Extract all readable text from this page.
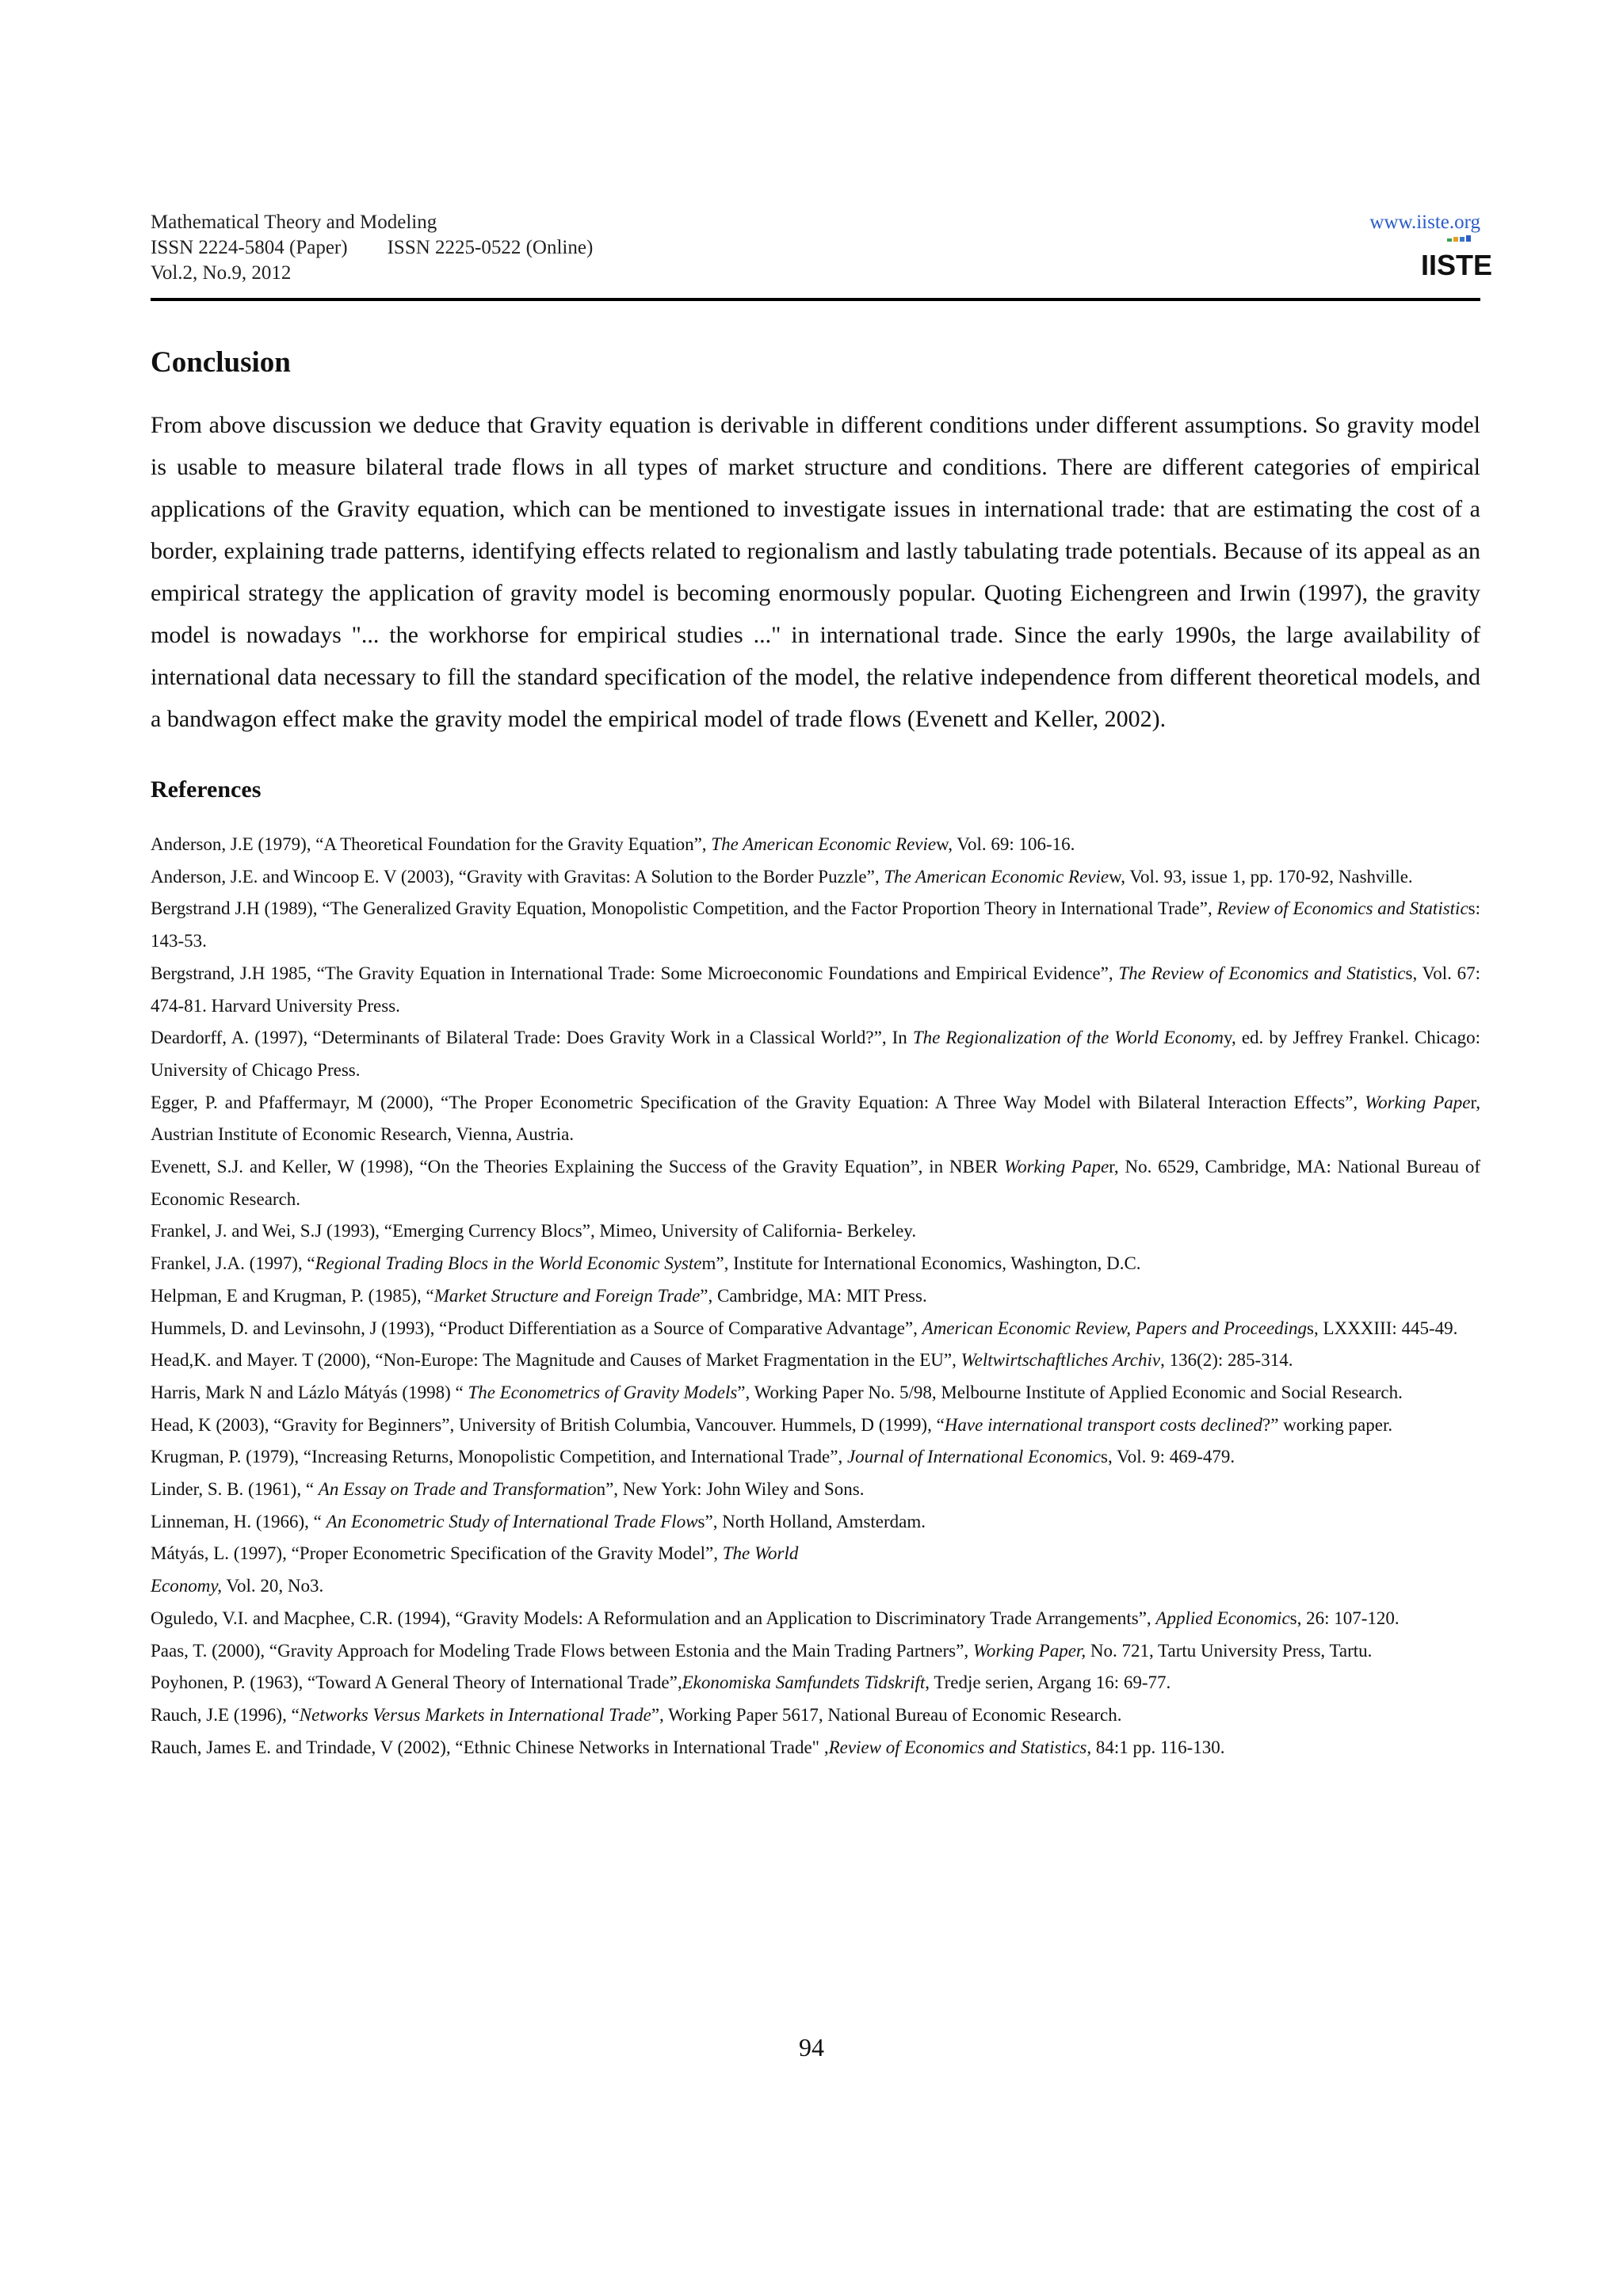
Mathematical Theory and Modeling
ISSN 2224-5804 (Paper) ISSN 2225-0522 (Online)
Vol.2, No.9, 2012
www.iiste.org
IISTE
Conclusion

From above discussion we deduce that Gravity equation is derivable in different conditions under different assumptions. So gravity model is usable to measure bilateral trade flows in all types of market structure and conditions. There are different categories of empirical applications of the Gravity equation, which can be mentioned to investigate issues in international trade: that are estimating the cost of a border, explaining trade patterns, identifying effects related to regionalism and lastly tabulating trade potentials. Because of its appeal as an empirical strategy the application of gravity model is becoming enormously popular. Quoting Eichengreen and Irwin (1997), the gravity model is nowadays "... the workhorse for empirical studies ..." in international trade. Since the early 1990s, the large availability of international data necessary to fill the standard specification of the model, the relative independence from different theoretical models, and a bandwagon effect make the gravity model the empirical model of trade flows (Evenett and Keller, 2002).

References
Anderson, J.E (1979), “A Theoretical Foundation for the Gravity Equation”, The American Economic Review, Vol. 69: 106-16.
Anderson, J.E. and Wincoop E. V (2003), “Gravity with Gravitas: A Solution to the Border Puzzle”, The American Economic Review, Vol. 93, issue 1, pp. 170-92, Nashville.
Bergstrand J.H (1989), “The Generalized Gravity Equation, Monopolistic Competition, and the Factor Proportion Theory in International Trade”, Review of Economics and Statistics: 143-53.
Bergstrand, J.H 1985, “The Gravity Equation in International Trade: Some Microeconomic Foundations and Empirical Evidence”, The Review of Economics and Statistics, Vol. 67: 474-81. Harvard University Press.
Deardorff, A. (1997), “Determinants of Bilateral Trade: Does Gravity Work in a Classical World?”, In The Regionalization of the World Economy, ed. by Jeffrey Frankel. Chicago: University of Chicago Press.
Egger, P. and Pfaffermayr, M (2000), “The Proper Econometric Specification of the Gravity Equation: A Three Way Model with Bilateral Interaction Effects”, Working Paper, Austrian Institute of Economic Research, Vienna, Austria.
Evenett, S.J. and Keller, W (1998), “On the Theories Explaining the Success of the Gravity Equation”, in NBER Working Paper, No. 6529, Cambridge, MA: National Bureau of Economic Research.
Frankel, J. and Wei, S.J (1993), “Emerging Currency Blocs”, Mimeo, University of California- Berkeley.
Frankel, J.A. (1997), “Regional Trading Blocs in the World Economic System”, Institute for International Economics, Washington, D.C.
Helpman, E and Krugman, P. (1985), “Market Structure and Foreign Trade”, Cambridge, MA: MIT Press.
Hummels, D. and Levinsohn, J (1993), “Product Differentiation as a Source of Comparative Advantage”, American Economic Review, Papers and Proceedings, LXXXIII: 445-49.
Head,K. and Mayer. T (2000), “Non-Europe: The Magnitude and Causes of Market Fragmentation in the EU”, Weltwirtschaftliches Archiv, 136(2): 285-314.
Harris, Mark N and Lázlo Mátyás (1998) “ The Econometrics of Gravity Models”, Working Paper No. 5/98, Melbourne Institute of Applied Economic and Social Research.
Head, K (2003), “Gravity for Beginners”, University of British Columbia, Vancouver. Hummels, D (1999), “Have international transport costs declined?” working paper.
Krugman, P. (1979), “Increasing Returns, Monopolistic Competition, and International Trade”, Journal of International Economics, Vol. 9: 469-479.
Linder, S. B. (1961), “ An Essay on Trade and Transformation”, New York: John Wiley and Sons.
Linneman, H. (1966), “ An Econometric Study of International Trade Flows”, North Holland, Amsterdam.
Mátyás, L. (1997), “Proper Econometric Specification of the Gravity Model”, The World
Economy, Vol. 20, No3.
Oguledo, V.I. and Macphee, C.R. (1994), “Gravity Models: A Reformulation and an Application to Discriminatory Trade Arrangements”, Applied Economics, 26: 107-120.
Paas, T. (2000), “Gravity Approach for Modeling Trade Flows between Estonia and the Main Trading Partners”, Working Paper, No. 721, Tartu University Press, Tartu.
Poyhonen, P. (1963), “Toward A General Theory of International Trade”,Ekonomiska Samfundets Tidskrift, Tredje serien, Argang 16: 69-77.
Rauch, J.E (1996), “Networks Versus Markets in International Trade”, Working Paper 5617, National Bureau of Economic Research.
Rauch, James E. and Trindade, V (2002), “Ethnic Chinese Networks in International Trade" ,Review of Economics and Statistics, 84:1 pp. 116-130.
94
